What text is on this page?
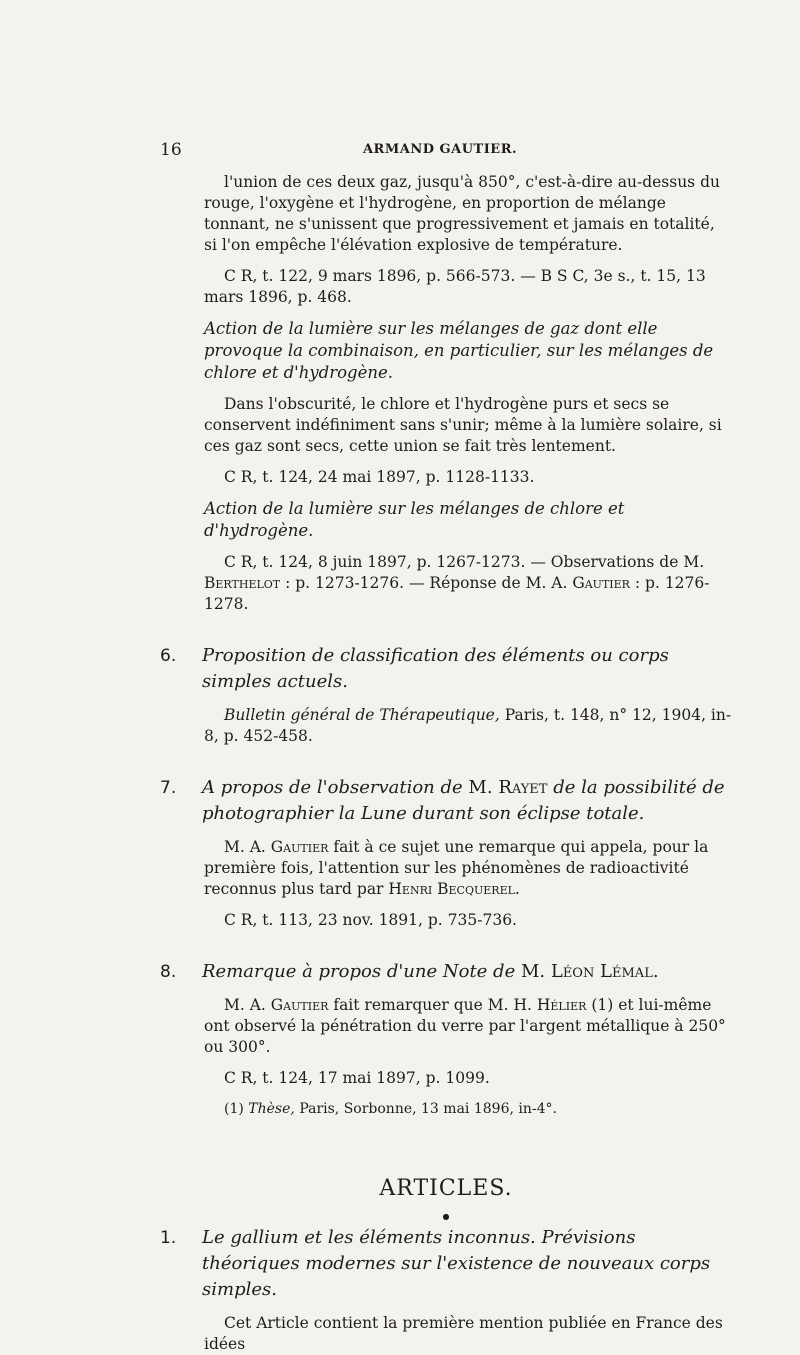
16	ARMAND GAUTIER.

l'union de ces deux gaz, jusqu'à 850°, c'est-à-dire au-dessus du rouge, l'oxygène et l'hydrogène, en proportion de mélange tonnant, ne s'unissent que progressivement et jamais en totalité, si l'on empêche l'élévation explosive de température.

C R, t. 122, 9 mars 1896, p. 566-573. — B S C, 3e s., t. 15, 13 mars 1896, p. 468.

Action de la lumière sur les mélanges de gaz dont elle provoque la combinaison, en particulier, sur les mélanges de chlore et d'hydrogène.

Dans l'obscurité, le chlore et l'hydrogène purs et secs se conservent indéfiniment sans s'unir; même à la lumière solaire, si ces gaz sont secs, cette union se fait très lentement.

C R, t. 124, 24 mai 1897, p. 1128-1133.

Action de la lumière sur les mélanges de chlore et d'hydrogène.

C R, t. 124, 8 juin 1897, p. 1267-1273. — Observations de M. Berthelot : p. 1273-1276. — Réponse de M. A. Gautier : p. 1276-1278.

6.	Proposition de classification des éléments ou corps simples actuels.

Bulletin général de Thérapeutique, Paris, t. 148, n° 12, 1904, in-8, p. 452-458.

7.	A propos de l'observation de M. Rayet de la possibilité de photographier la Lune durant son éclipse totale.

M. A. Gautier fait à ce sujet une remarque qui appela, pour la première fois, l'attention sur les phénomènes de radioactivité reconnus plus tard par Henri Becquerel.

C R, t. 113, 23 nov. 1891, p. 735-736.

8.	Remarque à propos d'une Note de M. Léon Lémal.

M. A. Gautier fait remarquer que M. H. Hélier (1) et lui-même ont observé la pénétration du verre par l'argent métallique à 250° ou 300°.

C R, t. 124, 17 mai 1897, p. 1099.

(1) Thèse, Paris, Sorbonne, 13 mai 1896, in-4°.

ARTICLES.
●
1.	Le gallium et les éléments inconnus. Prévisions théoriques modernes sur l'existence de nouveaux corps simples.

Cet Article contient la première mention publiée en France des idées
